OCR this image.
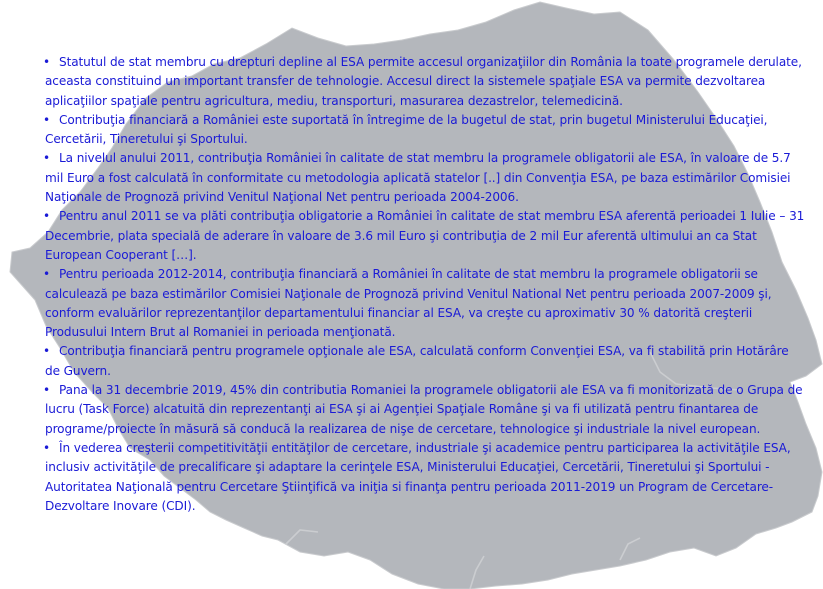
• Statutul de stat membru cu drepturi depline al ESA permite accesul organizaţiilor din România la toate programele derulate, aceasta constituind un important transfer de tehnologie. Accesul direct la sistemele spaţiale ESA va permite dezvoltarea aplicaţiilor spaţiale pentru agricultura, mediu, transporturi, masurarea dezastrelor, telemedicină.

• Contribuţia financiară a României este suportată în întregime de la bugetul de stat, prin bugetul Ministerului Educaţiei, Cercetării, Tineretului şi Sportului.

• La nivelul anului 2011, contribuţia României în calitate de stat membru la programele obligatorii ale ESA, în valoare de 5.7 mil Euro a fost calculată în conformitate cu metodologia aplicată statelor [..] din Convenţia ESA, pe baza estimărilor Comisiei Naţionale de Prognoză privind Venitul Naţional Net pentru perioada 2004-2006.

• Pentru anul 2011 se va plăti contribuţia obligatorie a României în calitate de stat membru ESA aferentă perioadei 1 Iulie – 31 Decembrie, plata specială de aderare în valoare de 3.6 mil Euro şi contribuţia de 2 mil Eur aferentă ultimului an ca Stat European Cooperant […].

• Pentru perioada 2012-2014, contribuţia financiară a României în calitate de stat membru la programele obligatorii se calculează pe baza estimărilor Comisiei Naţionale de Prognoză privind Venitul National Net pentru perioada 2007-2009 şi, conform evaluărilor reprezentanţilor departamentului financiar al ESA, va creşte cu aproximativ 30 % datorită creşterii Produsului Intern Brut al Romaniei in perioada menţionată.

• Contribuţia financiară pentru programele opţionale ale ESA, calculată conform Convenţiei ESA, va fi stabilită prin Hotărâre de Guvern.

• Pana la 31 decembrie 2019, 45% din contributia Romaniei la programele obligatorii ale ESA va fi monitorizată de o Grupa de lucru (Task Force) alcatuită din reprezentanţi ai ESA şi ai Agenţiei Spaţiale Române şi va fi utilizată pentru finantarea de programe/proiecte în măsură să conducă la realizarea de nişe de cercetare, tehnologice şi industriale la nivel european.

• În vederea creşterii competitivităţii entităţilor de cercetare, industriale şi academice pentru participarea la activităţile ESA, inclusiv activităţile de precalificare şi adaptare la cerinţele ESA, Ministerului Educaţiei, Cercetării, Tineretului şi Sportului - Autoritatea Naţională pentru Cercetare Ştiinţifică va iniţia si finanţa pentru perioada 2011-2019 un Program de Cercetare-Dezvoltare Inovare (CDI).
